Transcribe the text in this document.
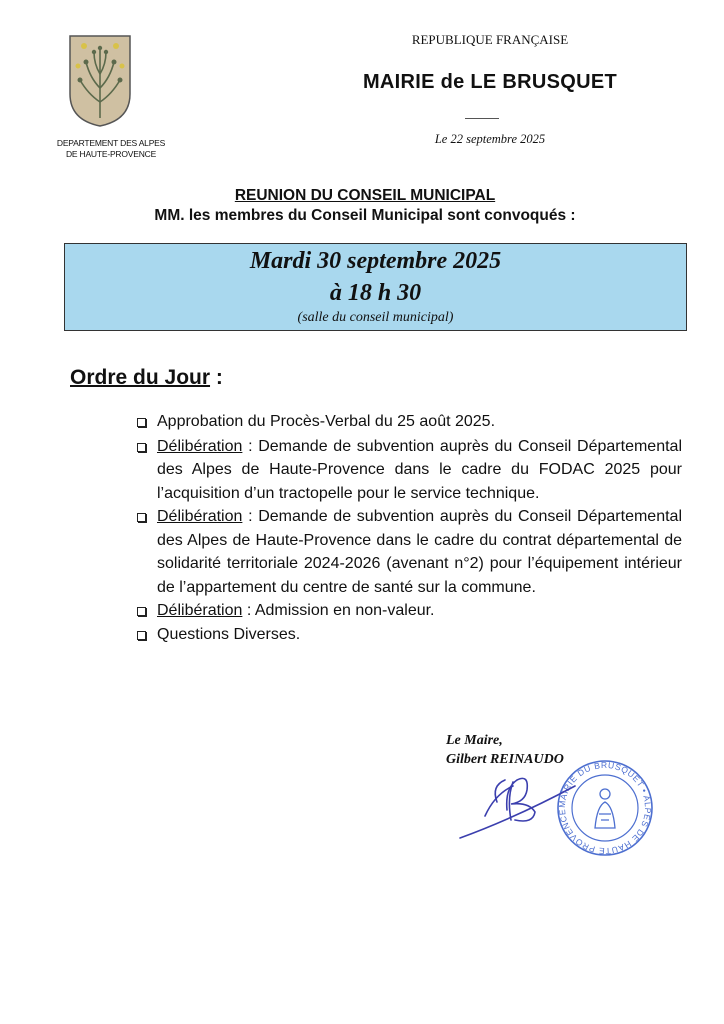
DEPARTEMENT DES ALPES DE HAUTE-PROVENCE
REPUBLIQUE FRANÇAISE
MAIRIE de LE BRUSQUET
Le 22 septembre 2025
REUNION DU CONSEIL MUNICIPAL
MM. les membres du Conseil Municipal sont convoqués :
Mardi 30 septembre 2025
à 18 h 30
(salle du conseil municipal)
Ordre du Jour :
Approbation du Procès-Verbal du 25 août 2025.
Délibération : Demande de subvention auprès du Conseil Départemental des Alpes de Haute-Provence dans le cadre du FODAC 2025 pour l’acquisition d’un tractopelle pour le service technique.
Délibération : Demande de subvention auprès du Conseil Départemental des Alpes de Haute-Provence dans le cadre du contrat départemental de solidarité territoriale 2024-2026 (avenant n°2) pour l’équipement intérieur de l’appartement du centre de santé sur la commune.
Délibération : Admission en non-valeur.
Questions Diverses.
Le Maire,
Gilbert REINAUDO
MAIRIE DU BRUSQUET • ALPES DE HAUTE PROVENCE
